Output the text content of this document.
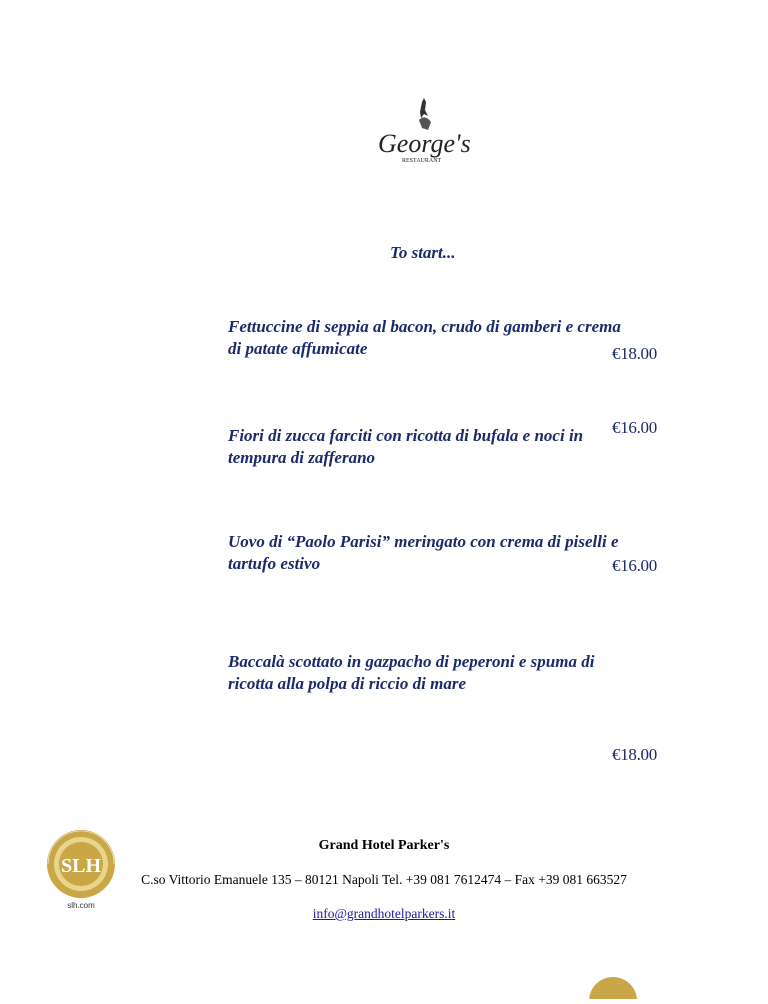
George's
RESTAURANT
To start...
Fettuccine di seppia al bacon, crudo di gamberi e crema di patate affumicate	€18.00
Fiori di zucca farciti con ricotta di bufala e noci in tempura di zafferano
€16.00
Uovo di “Paolo Parisi” meringato con crema di piselli e tartufo estivo	€16.00
Baccalà scottato in gazpacho di peperoni e spuma di ricotta alla polpa di riccio di mare
€18.00
SLH
slh.com
Grand Hotel Parker's
C.so Vittorio Emanuele 135 – 80121 Napoli Tel. +39 081 7612474 – Fax +39 081 663527
info@grandhotelparkers.it
